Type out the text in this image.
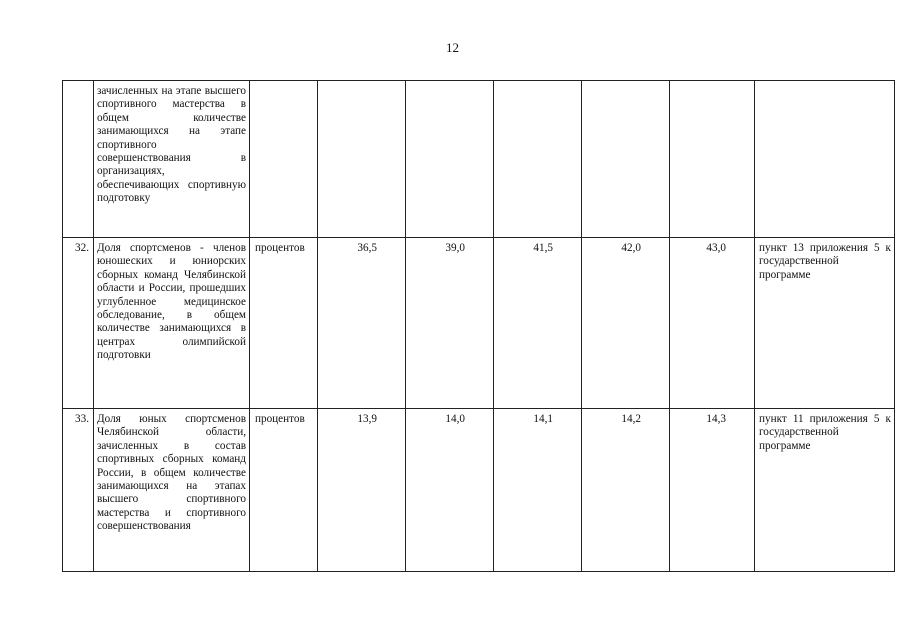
12
	зачисленных на этапе высшего спортивного мастерства в общем количестве занимающихся на этапе спортивного совершенствования в организациях, обеспечивающих спортивную подготовку							
32.	Доля спортсменов - членов юношеских и юниорских сборных команд Челябинской области и России, прошедших углубленное медицинское обследование, в общем количестве занимающихся в центрах олимпийской подготовки	процентов	36,5	39,0	41,5	42,0	43,0	пункт 13 приложения 5 к государственной программе
33.	Доля юных спортсменов Челябинской области, зачисленных в состав спортивных сборных команд России, в общем количестве занимающихся на этапах высшего спортивного мастерства и спортивного совершенствования	процентов	13,9	14,0	14,1	14,2	14,3	пункт 11 приложения 5 к государственной программе
